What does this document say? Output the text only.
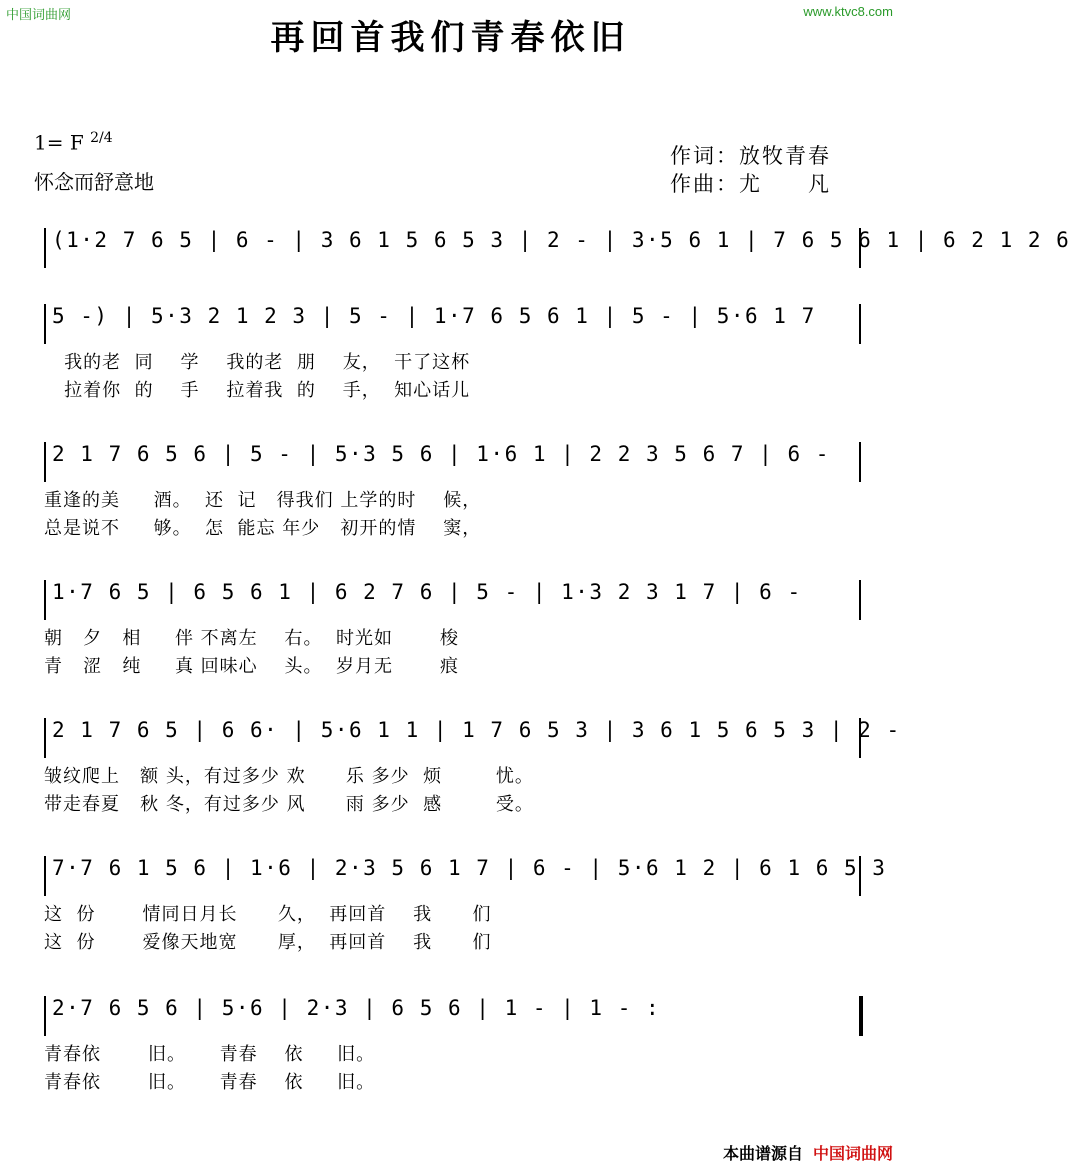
中国词曲网	www.ktvc8.com
再回首我们青春依旧
1= F $^{2/4}$
怀念而舒意地
作词：放牧青春
作曲：尤　　凡
(1·2 7 6 5 | 6 - | 3 6 1 5 6 5 3 | 2 - | 3·5 6 1 | 7 6 5 6 1 | 6 2 1 2 6
5 -) | 5·3 2 1 2 3 | 5 - | 1·7 6 5 6 1 | 5 - | 5·6 1 7
我的老  同    学    我的老  朋    友，  干了这杯
拉着你  的    手    拉着我  的    手，  知心话儿
2 1 7 6 5 6 | 5 - | 5·3 5 6 | 1·6 1 | 2 2 3 5 6 7 | 6 -
重逢的美     酒。  还  记   得我们 上学的时    候，
总是说不     够。  怎  能忘 年少   初开的情    窦，
1·7 6 5 | 6 5 6 1 | 6 2 7 6 | 5 - | 1·3 2 3 1 7 | 6 -
朝   夕   相     伴 不离左    右。  时光如       梭
青   涩   纯     真 回味心    头。  岁月无       痕
2 1 7 6 5 | 6 6· | 5·6 1 1 | 1 7 6 5 3 | 3 6 1 5 6 5 3 | 2 -
皱纹爬上   额 头，有过多少 欢      乐 多少  烦        忧。
带走春夏   秋 冬，有过多少 风      雨 多少  感        受。
7·7 6 1 5 6 | 1·6 | 2·3 5 6 1 7 | 6 - | 5·6 1 2 | 6 1 6 5 3
这  份       情同日月长      久，  再回首    我      们
这  份       爱像天地宽      厚，  再回首    我      们
2·7 6 5 6 | 5·6 | 2·3 | 6 5 6 | 1 - | 1 - :
青春依       旧。     青春    依     旧。
青春依       旧。     青春    依     旧。
本曲谱源自 中国词曲网
